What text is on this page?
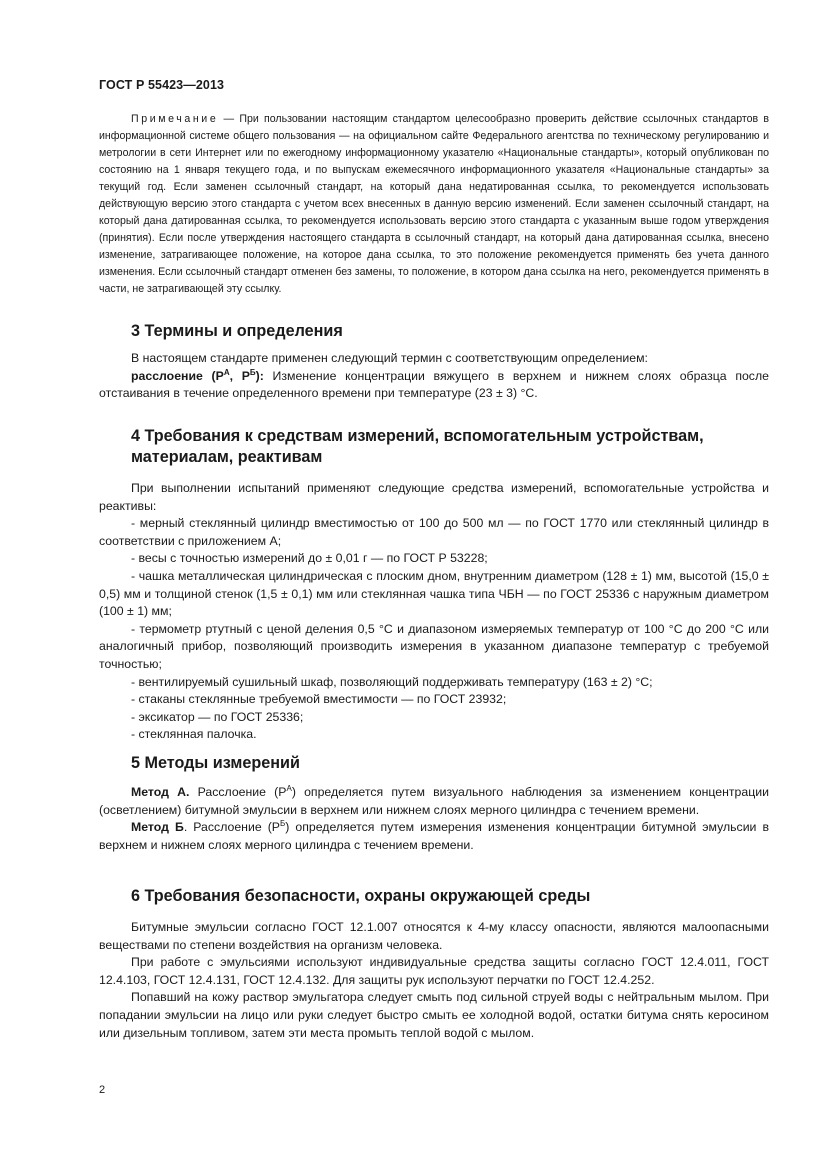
ГОСТ Р 55423—2013

Примечание — При пользовании настоящим стандартом целесообразно проверить действие ссылочных стандартов в информационной системе общего пользования — на официальном сайте Федерального агентства по техническому регулированию и метрологии в сети Интернет или по ежегодному информационному указателю «Национальные стандарты», который опубликован по состоянию на 1 января текущего года, и по выпускам ежемесячного информационного указателя «Национальные стандарты» за текущий год. Если заменен ссылочный стандарт, на который дана недатированная ссылка, то рекомендуется использовать действующую версию этого стандарта с учетом всех внесенных в данную версию изменений. Если заменен ссылочный стандарт, на который дана датированная ссылка, то рекомендуется использовать версию этого стандарта с указанным выше годом утверждения (принятия). Если после утверждения настоящего стандарта в ссылочный стандарт, на который дана датированная ссылка, внесено изменение, затрагивающее положение, на которое дана ссылка, то это положение рекомендуется применять без учета данного изменения. Если ссылочный стандарт отменен без замены, то положение, в котором дана ссылка на него, рекомендуется применять в части, не затрагивающей эту ссылку.

3 Термины и определения

В настоящем стандарте применен следующий термин с соответствующим определением:

расслоение ($Р^А$, $Р^Б$): Изменение концентрации вяжущего в верхнем и нижнем слоях образца после отстаивания в течение определенного времени при температуре (23 ± 3) °С.

4 Требования к средствам измерений, вспомогательным устройствам,
материалам, реактивам

При выполнении испытаний применяют следующие средства измерений, вспомогательные устройства и реактивы:

- мерный стеклянный цилиндр вместимостью от 100 до 500 мл — по ГОСТ 1770 или стеклянный цилиндр в соответствии с приложением А;

- весы с точностью измерений до ± 0,01 г — по ГОСТ Р 53228;

- чашка металлическая цилиндрическая с плоским дном, внутренним диаметром (128 ± 1) мм, высотой (15,0 ± 0,5) мм и толщиной стенок (1,5 ± 0,1) мм или стеклянная чашка типа ЧБН — по ГОСТ 25336 с наружным диаметром (100 ± 1) мм;

- термометр ртутный с ценой деления 0,5 °С и диапазоном измеряемых температур от 100 °С до 200 °С или аналогичный прибор, позволяющий производить измерения в указанном диапазоне температур с требуемой точностью;

- вентилируемый сушильный шкаф, позволяющий поддерживать температуру (163 ± 2) °С;

- стаканы стеклянные требуемой вместимости — по ГОСТ 23932;

- эксикатор — по ГОСТ 25336;

- стеклянная палочка.

5 Методы измерений

Метод А. Расслоение $(Р^А)$ определяется путем визуального наблюдения за изменением концентрации (осветлением) битумной эмульсии в верхнем или нижнем слоях мерного цилиндра с течением времени.

Метод Б. Расслоение $(Р^Б)$ определяется путем измерения изменения концентрации битумной эмульсии в верхнем и нижнем слоях мерного цилиндра с течением времени.

6 Требования безопасности, охраны окружающей среды

Битумные эмульсии согласно ГОСТ 12.1.007 относятся к 4-му классу опасности, являются малоопасными веществами по степени воздействия на организм человека.

При работе с эмульсиями используют индивидуальные средства защиты согласно ГОСТ 12.4.011, ГОСТ 12.4.103, ГОСТ 12.4.131, ГОСТ 12.4.132. Для защиты рук используют перчатки по ГОСТ 12.4.252.

Попавший на кожу раствор эмульгатора следует смыть под сильной струей воды с нейтральным мылом. При попадании эмульсии на лицо или руки следует быстро смыть ее холодной водой, остатки битума снять керосином или дизельным топливом, затем эти места промыть теплой водой с мылом.

2
